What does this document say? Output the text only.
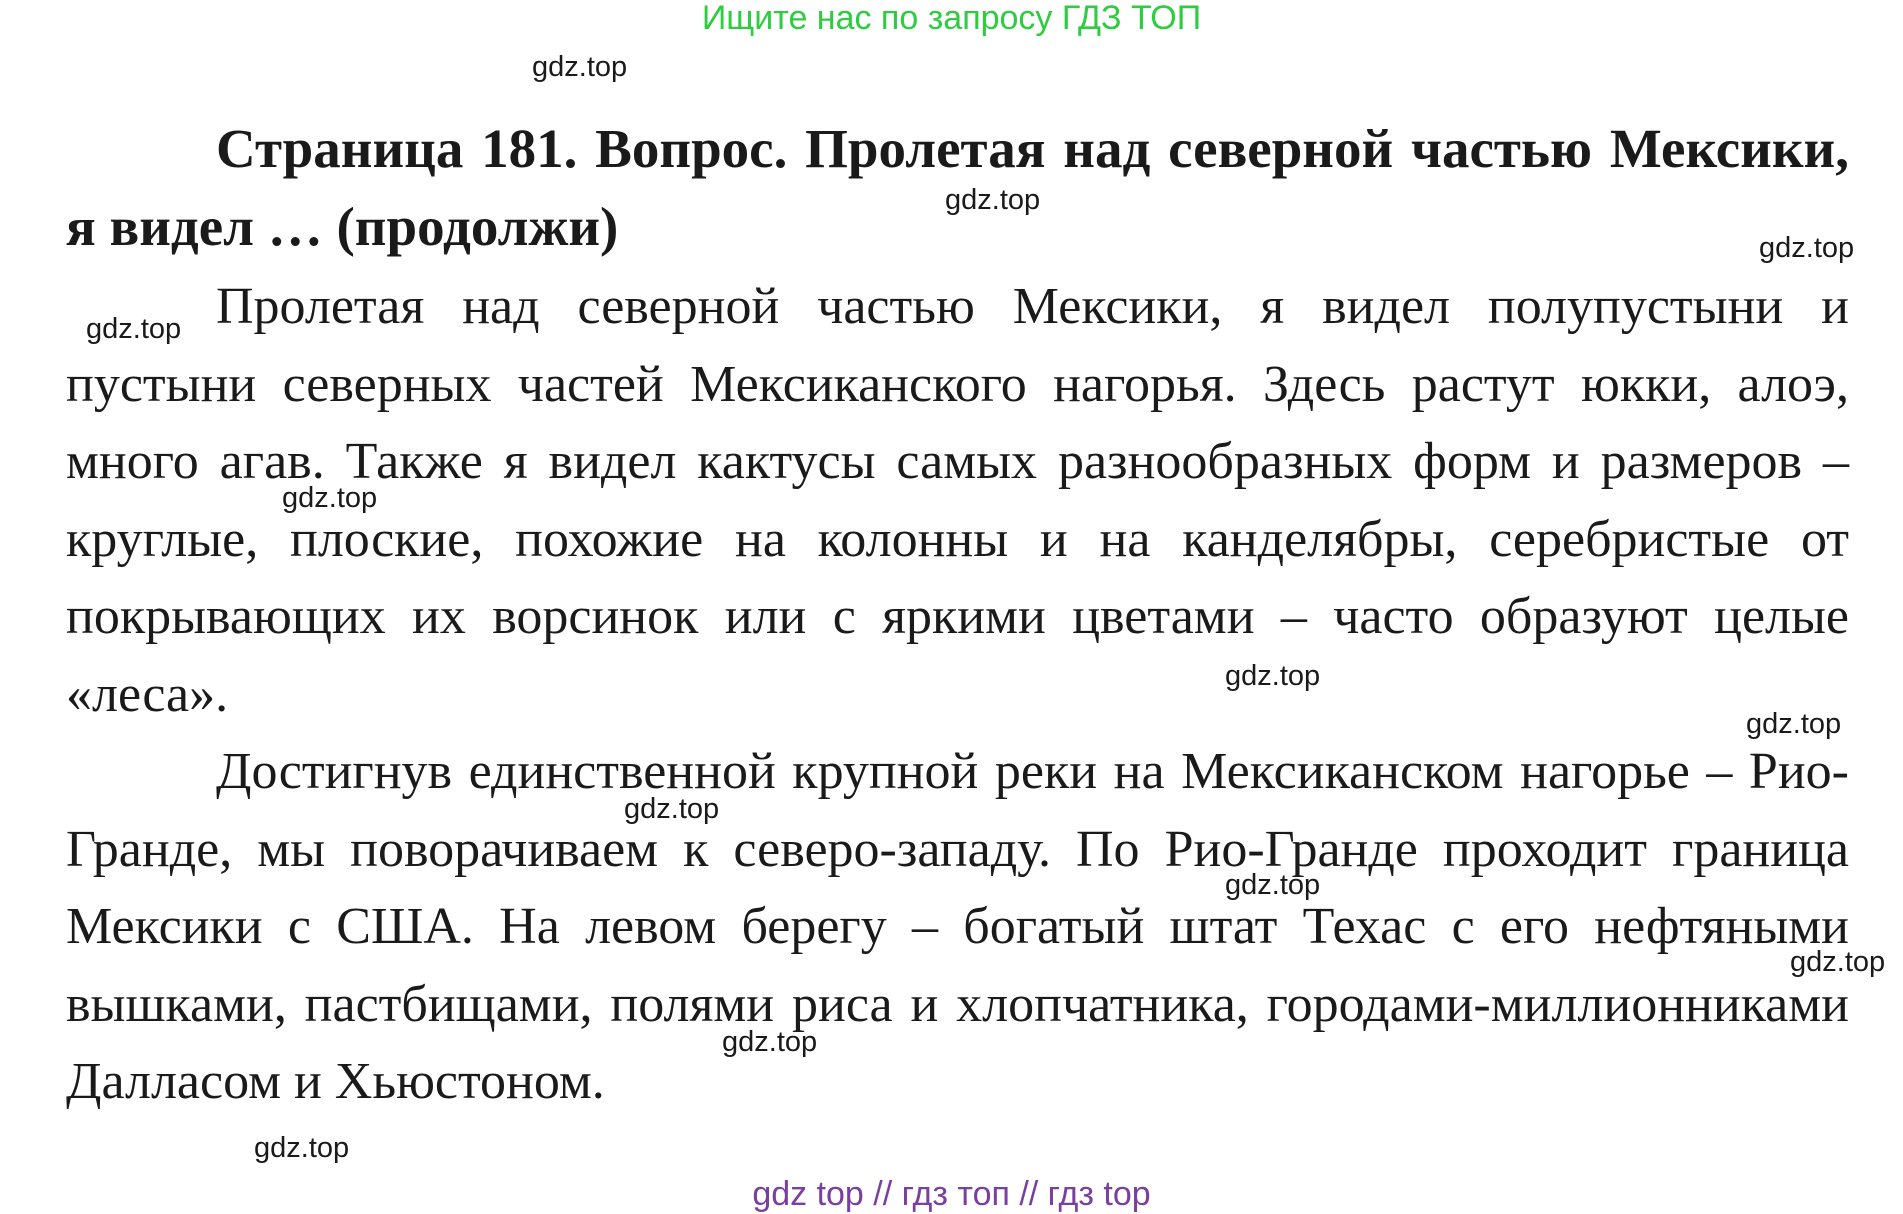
Ищите нас по запросу ГДЗ ТОП
gdz.top

Страница 181. Вопрос. Пролетая над северной частью Мексики, я видел … (продолжи)

Пролетая над северной частью Мексики, я видел полупустыни и пустыни северных частей Мексиканского нагорья. Здесь растут юкки, алоэ, много агав. Также я видел кактусы самых разнообразных форм и размеров – круглые, плоские, похожие на колонны и на канделябры, серебристые от покрывающих их ворсинок или с яркими цветами – часто образуют целые «леса».

Достигнув единственной крупной реки на Мексиканском нагорье – Рио-Гранде, мы поворачиваем к северо-западу. По Рио-Гранде проходит граница Мексики с США. На левом берегу – богатый штат Техас с его нефтяными вышками, пастбищами, полями риса и хлопчатника, городами-миллионниками Далласом и Хьюстоном.

gdz.top
gdz.top
gdz.top
gdz.top
gdz.top
gdz.top
gdz.top
gdz.top
gdz.top
gdz.top
gdz.top
gdz top // гдз топ // гдз top
